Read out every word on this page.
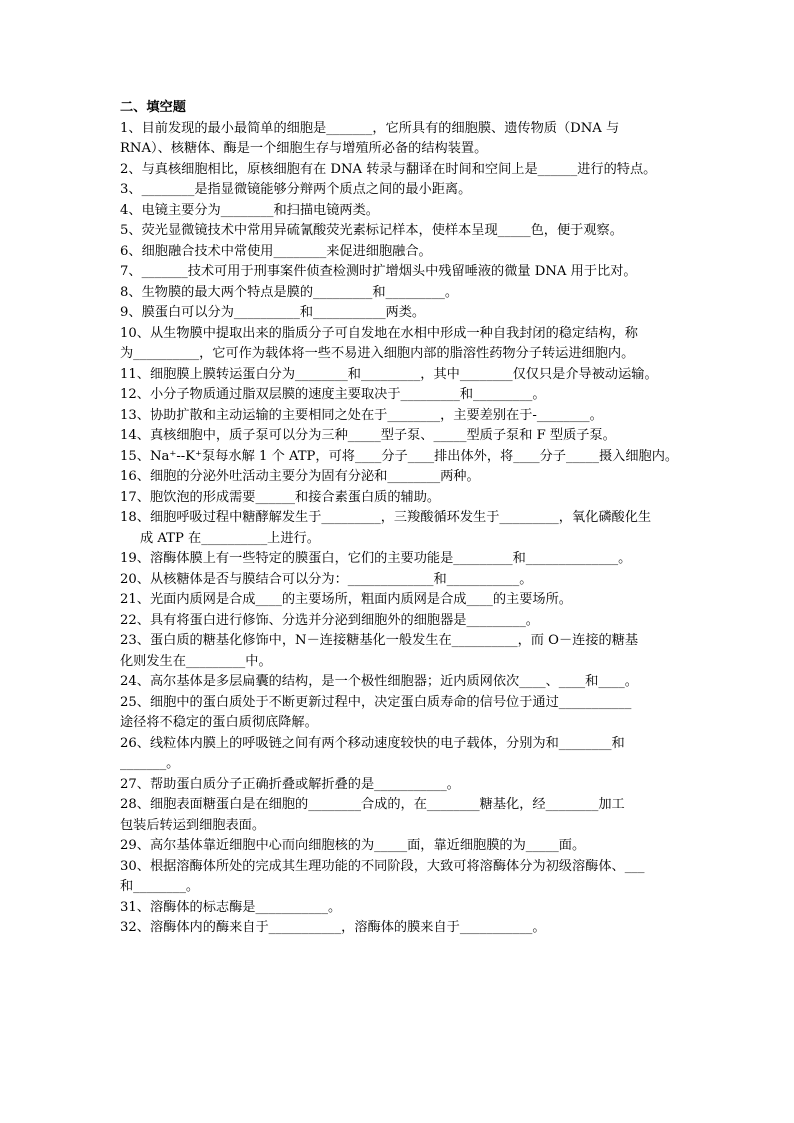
二、填空题
1、目前发现的最小最简单的细胞是_______，它所具有的细胞膜、遗传物质（DNA 与
RNA）、核糖体、酶是一个细胞生存与增殖所必备的结构装置。
2、与真核细胞相比，原核细胞有在 DNA 转录与翻译在时间和空间上是______进行的特点。
3、________是指显微镜能够分辩两个质点之间的最小距离。
4、电镜主要分为________和扫描电镜两类。
5、荧光显微镜技术中常用异硫氰酸荧光素标记样本，使样本呈现_____色，便于观察。
6、细胞融合技术中常使用________来促进细胞融合。
7、_______技术可用于刑事案件侦查检测时扩增烟头中残留唾液的微量 DNA 用于比对。
8、生物膜的最大两个特点是膜的_________和_________。
9、膜蛋白可以分为__________和___________两类。
10、从生物膜中提取出来的脂质分子可自发地在水相中形成一种自我封闭的稳定结构，称
为__________，它可作为载体将一些不易进入细胞内部的脂溶性药物分子转运进细胞内。
11、细胞膜上膜转运蛋白分为________和_________，其中________仅仅只是介导被动运输。
12、小分子物质通过脂双层膜的速度主要取决于_________和_________。
13、协助扩散和主动运输的主要相同之处在于________，主要差别在于-________。
14、真核细胞中，质子泵可以分为三种_____型子泵、_____型质子泵和 F 型质子泵。
15、Na⁺--K⁺泵每水解 1 个 ATP，可将____分子____排出体外，将____分子_____摄入细胞内。
16、细胞的分泌外吐活动主要分为固有分泌和________两种。
17、胞饮泡的形成需要______和接合素蛋白质的辅助。
18、细胞呼吸过程中糖酵解发生于_________，三羧酸循环发生于_________，氧化磷酸化生
成 ATP 在__________上进行。
19、溶酶体膜上有一些特定的膜蛋白，它们的主要功能是_________和______________。
20、从核糖体是否与膜结合可以分为：_____________和___________。
21、光面内质网是合成____的主要场所，粗面内质网是合成____的主要场所。
22、具有将蛋白进行修饰、分选并分泌到细胞外的细胞器是_________。
23、蛋白质的糖基化修饰中，N－连接糖基化一般发生在__________，而 O－连接的糖基
化则发生在_________中。
24、高尔基体是多层扁囊的结构，是一个极性细胞器；近内质网依次____、____和____。
25、细胞中的蛋白质处于不断更新过程中，决定蛋白质寿命的信号位于通过___________
途径将不稳定的蛋白质彻底降解。
26、线粒体内膜上的呼吸链之间有两个移动速度较快的电子载体，分别为和________和
_______。
27、帮助蛋白质分子正确折叠或解折叠的是___________。
28、细胞表面糖蛋白是在细胞的________合成的，在________糖基化，经________加工
包装后转运到细胞表面。
29、高尔基体靠近细胞中心而向细胞核的为_____面，靠近细胞膜的为_____面。
30、根据溶酶体所处的完成其生理功能的不同阶段，大致可将溶酶体分为初级溶酶体、___
和________。
31、溶酶体的标志酶是___________。
32、溶酶体内的酶来自于___________，溶酶体的膜来自于___________。
